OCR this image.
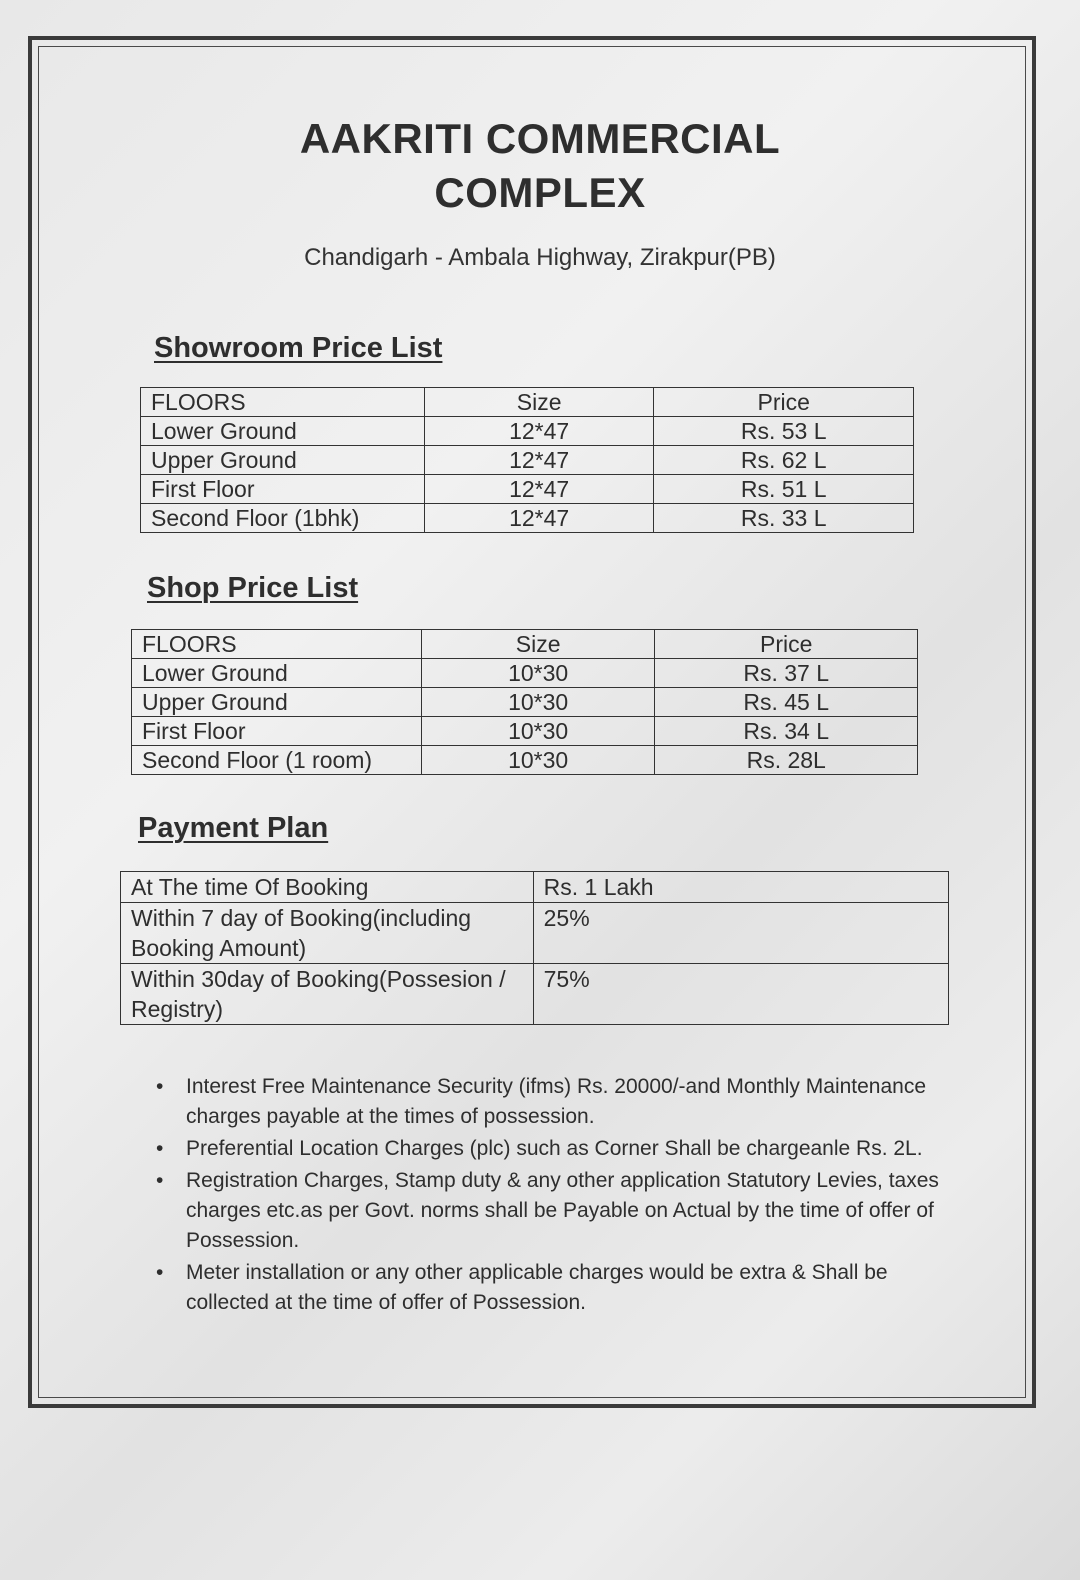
AAKRITI COMMERCIAL
COMPLEX
Chandigarh - Ambala Highway, Zirakpur(PB)
Showroom Price List
FLOORS	Size	Price
Lower Ground	12*47	Rs. 53 L
Upper Ground	12*47	Rs. 62 L
First Floor	12*47	Rs. 51 L
Second Floor (1bhk)	12*47	Rs. 33 L
Shop Price List
FLOORS	Size	Price
Lower Ground	10*30	Rs. 37 L
Upper Ground	10*30	Rs. 45 L
First Floor	10*30	Rs. 34 L
Second Floor (1 room)	10*30	Rs. 28L
Payment Plan
At The time Of Booking	Rs. 1 Lakh
Within 7 day of Booking(including Booking Amount)	25%
Within 30day of Booking(Possesion / Registry)	75%
• Interest Free Maintenance Security (ifms) Rs. 20000/-and Monthly Maintenance charges payable at the times of possession.
• Preferential Location Charges (plc) such as Corner Shall be chargeanle Rs. 2L.
• Registration Charges, Stamp duty & any other application Statutory Levies, taxes charges etc.as per Govt. norms shall be Payable on Actual by the time of offer of Possession.
• Meter installation or any other applicable charges would be extra & Shall be collected at the time of offer of Possession.
